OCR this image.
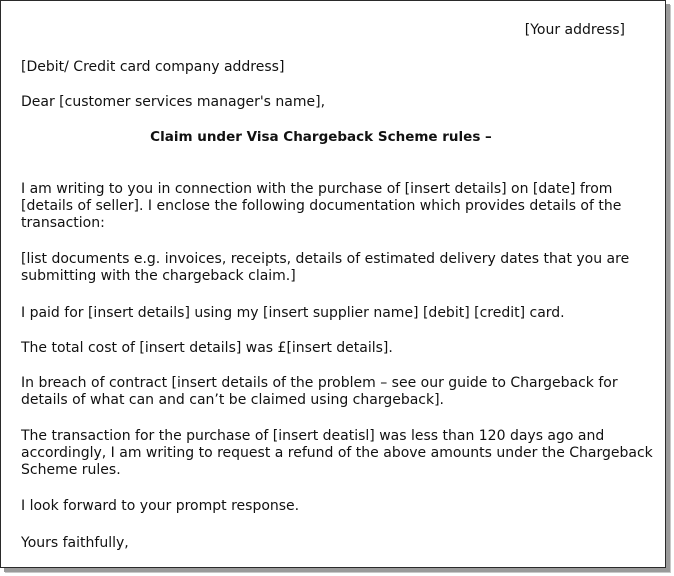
[Your address]
[Debit/ Credit card company address]
Dear [customer services manager's name],
Claim under Visa Chargeback Scheme rules –
I am writing to you in connection with the purchase of [insert details] on [date] from
[details of seller]. I enclose the following documentation which provides details of the
transaction:
[list documents e.g. invoices, receipts, details of estimated delivery dates that you are
submitting with the chargeback claim.]
I paid for [insert details] using my [insert supplier name] [debit] [credit] card.
The total cost of [insert details] was £[insert details].
In breach of contract [insert details of the problem – see our guide to Chargeback for
details of what can and can’t be claimed using chargeback].
The transaction for the purchase of [insert deatisl] was less than 120 days ago and
accordingly, I am writing to request a refund of the above amounts under the Chargeback
Scheme rules.
I look forward to your prompt response.
Yours faithfully,
